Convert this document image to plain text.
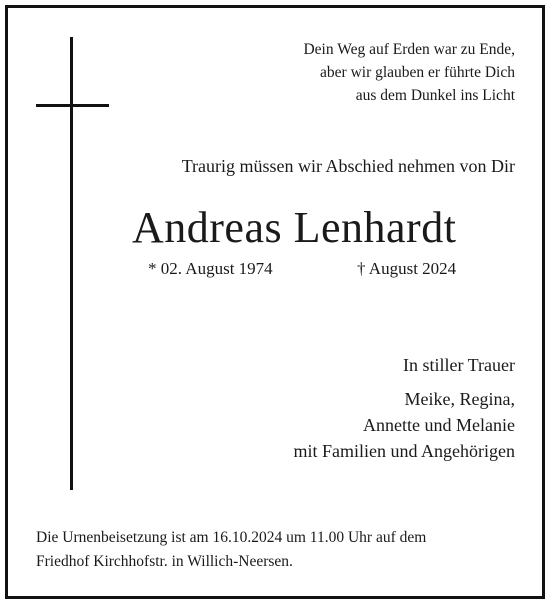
Dein Weg auf Erden war zu Ende,
aber wir glauben er führte Dich
aus dem Dunkel ins Licht
Traurig müssen wir Abschied nehmen von Dir
Andreas Lenhardt
* 02. August 1974	† August 2024
In stiller Trauer
Meike, Regina,
Annette und Melanie
mit Familien und Angehörigen
Die Urnenbeisetzung ist am 16.10.2024 um 11.00 Uhr auf dem
Friedhof Kirchhofstr. in Willich-Neersen.
